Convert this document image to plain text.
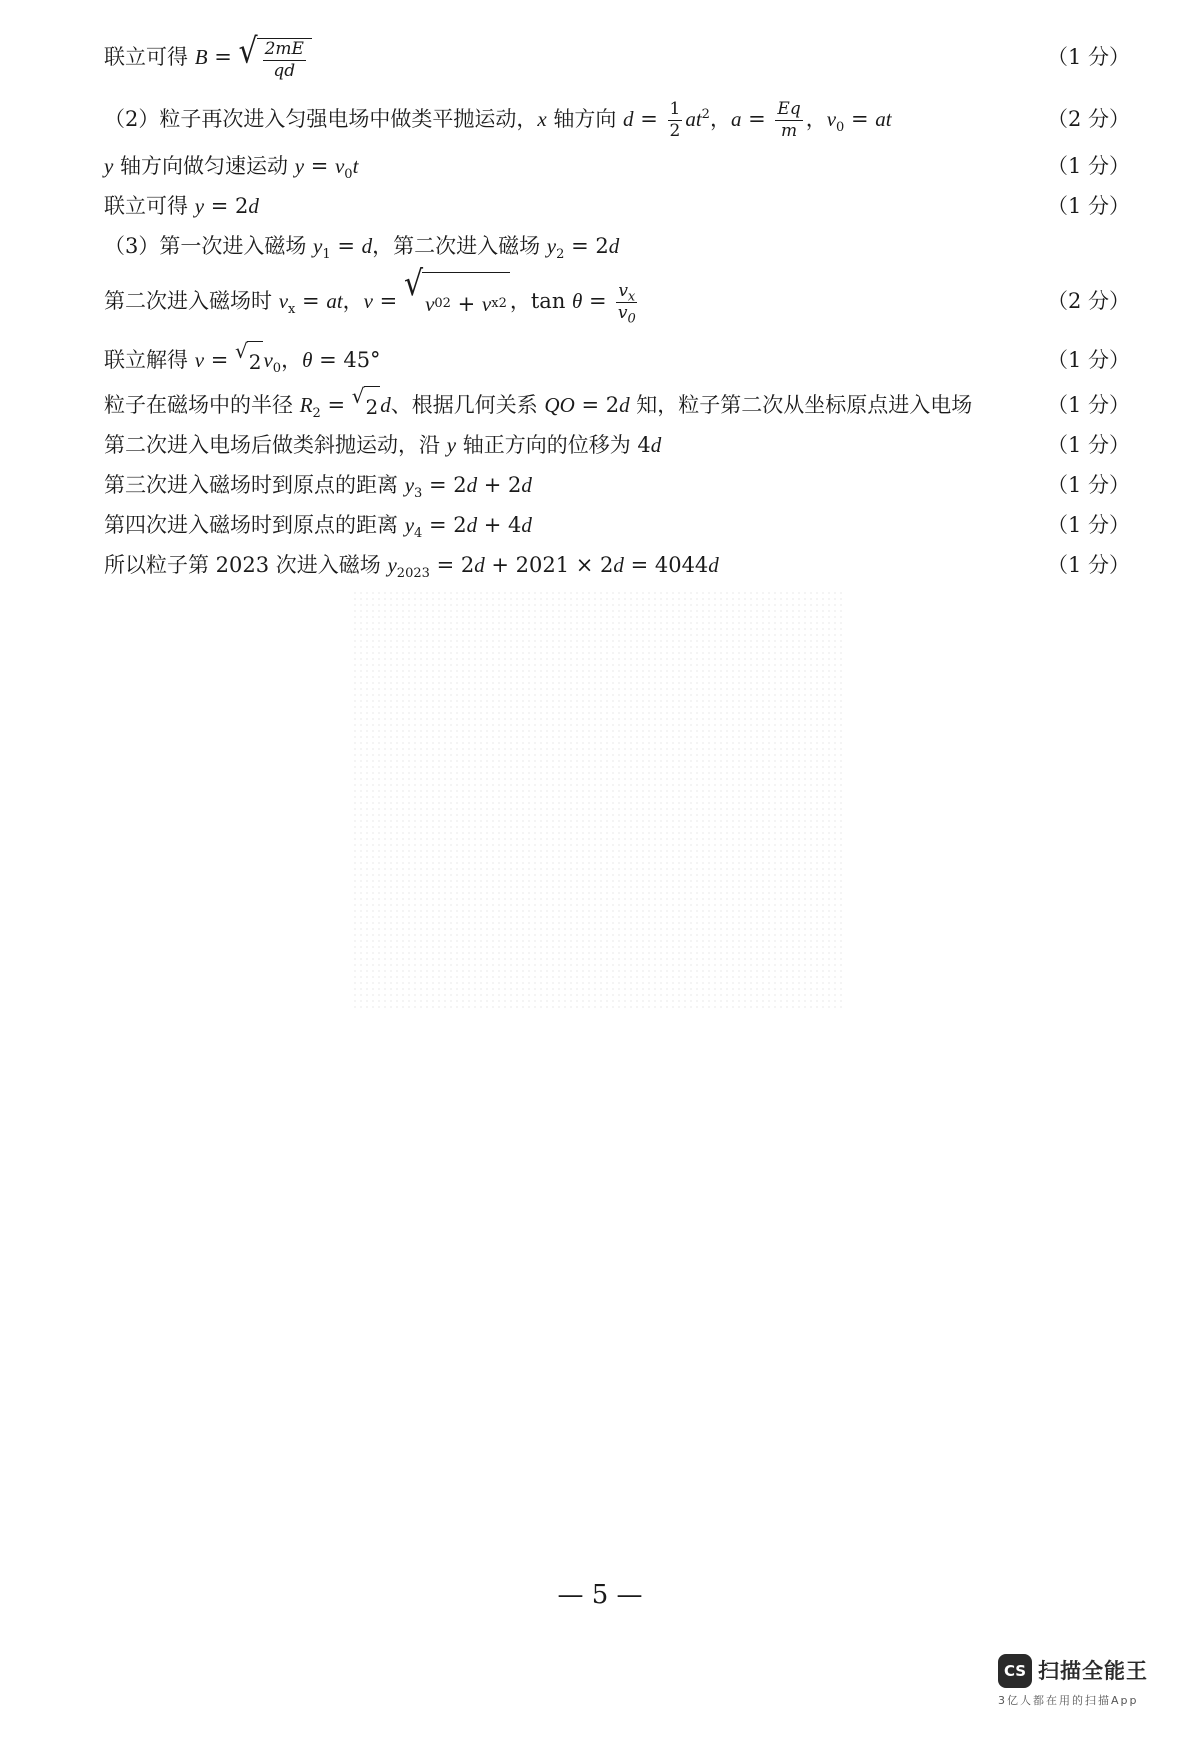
联立可得 B = √ $\frac{2mE}{qd}$	（1 分）
（2）粒子再次进入匀强电场中做类平抛运动，x 轴方向 $d = \frac{1}{2} at^2$，$a = \frac{Eq}{m}$ ，$v_0$ = at	（2 分）
y 轴方向做匀速运动 $y = v_0t$	（1 分）
联立可得 y = 2d	（1 分）
（3）第一次进入磁场 $y_1 = d$，第二次进入磁场 $y_2 = 2d$
第二次进入磁场时 $v_x$ = at，v = √ v 0 2 + v x 2 ，$\tan \theta = \frac{v_x}{v_0}$	（2 分）
联立解得 v = √ 2 $v_0$，θ = 45°	（1 分）
粒子在磁场中的半径 $R_2$ = √ 2 d、根据几何关系 QO = 2d 知，粒子第二次从坐标原点进入电场	（1 分）
第二次进入电场后做类斜抛运动，沿 y 轴正方向的位移为 4d	（1 分）
第三次进入磁场时到原点的距离 $y_3 = 2d + 2d$	（1 分）
第四次进入磁场时到原点的距离 $y_4 = 2d + 4d$	（1 分）
所以粒子第 2023 次进入磁场 $y_{2023} = 2d + 2021 \times 2d = 4044d$	（1 分）
— 5 —
CS 扫描全能王
3亿人都在用的扫描App
